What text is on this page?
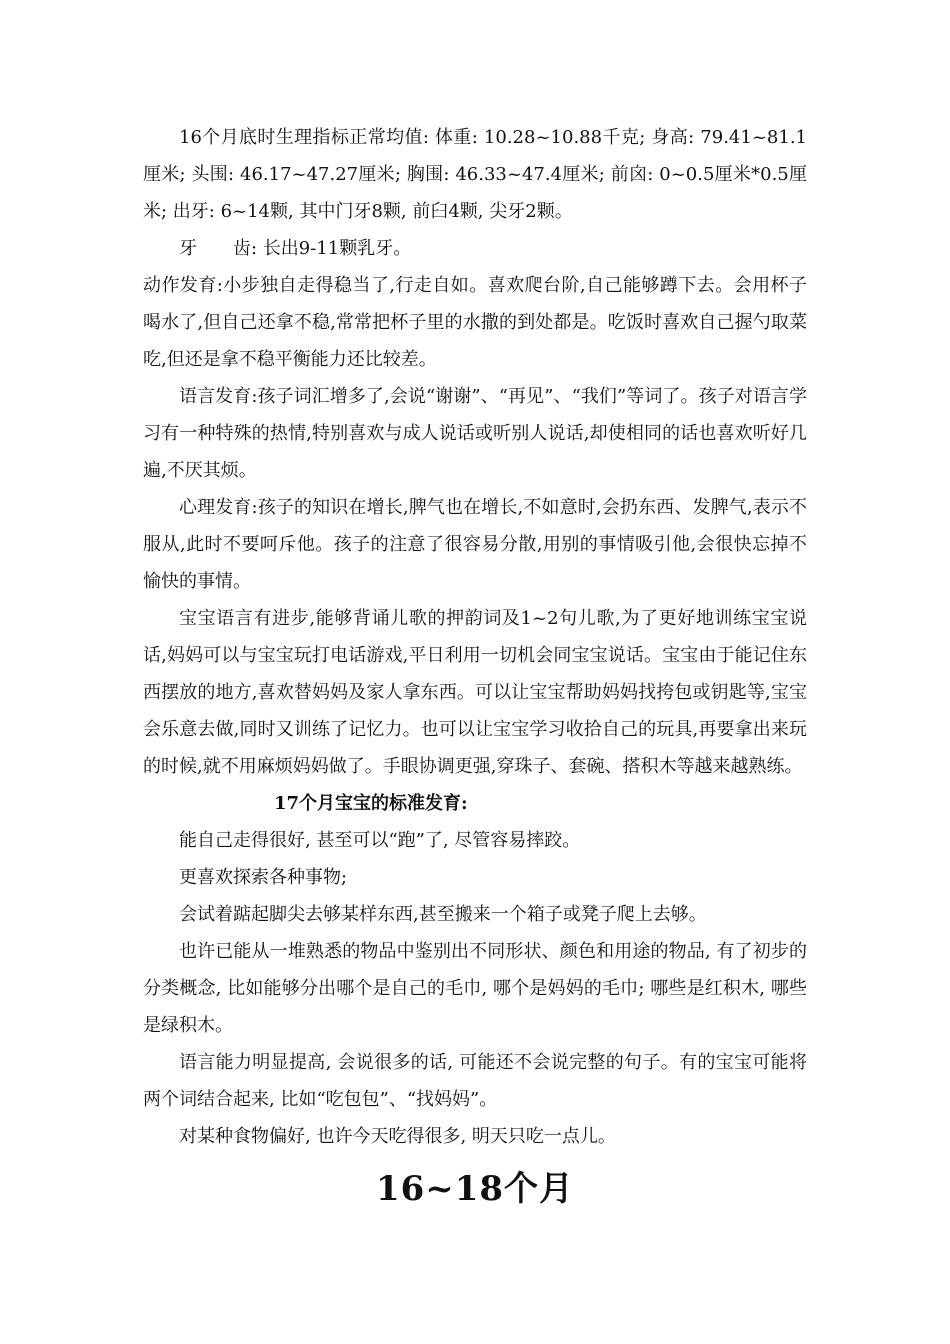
16个月底时生理指标正常均值: 体重: 10.28~10.88千克; 身高: 79.41~81.1厘米; 头围: 46.17~47.27厘米; 胸围: 46.33~47.4厘米; 前囟: 0~0.5厘米*0.5厘米; 出牙: 6~14颗, 其中门牙8颗, 前臼4颗, 尖牙2颗。

牙 齿: 长出9-11颗乳牙。

动作发育:小步独自走得稳当了,行走自如。喜欢爬台阶,自己能够蹲下去。会用杯子喝水了,但自己还拿不稳,常常把杯子里的水撒的到处都是。吃饭时喜欢自己握勺取菜吃,但还是拿不稳平衡能力还比较差。

语言发育:孩子词汇增多了,会说“谢谢”、“再见”、“我们”等词了。孩子对语言学习有一种特殊的热情,特别喜欢与成人说话或听别人说话,却使相同的话也喜欢听好几遍,不厌其烦。

心理发育:孩子的知识在增长,脾气也在增长,不如意时,会扔东西、发脾气,表示不服从,此时不要呵斥他。孩子的注意了很容易分散,用别的事情吸引他,会很快忘掉不愉快的事情。

宝宝语言有进步,能够背诵儿歌的押韵词及1~2句儿歌,为了更好地训练宝宝说话,妈妈可以与宝宝玩打电话游戏,平日利用一切机会同宝宝说话。宝宝由于能记住东西摆放的地方,喜欢替妈妈及家人拿东西。可以让宝宝帮助妈妈找挎包或钥匙等,宝宝会乐意去做,同时又训练了记忆力。也可以让宝宝学习收拾自己的玩具,再要拿出来玩的时候,就不用麻烦妈妈做了。手眼协调更强,穿珠子、套碗、搭积木等越来越熟练。

17个月宝宝的标准发育:

能自己走得很好, 甚至可以“跑”了, 尽管容易摔跤。

更喜欢探索各种事物;

会试着踮起脚尖去够某样东西,甚至搬来一个箱子或凳子爬上去够。

也许已能从一堆熟悉的物品中鉴别出不同形状、颜色和用途的物品, 有了初步的分类概念, 比如能够分出哪个是自己的毛巾, 哪个是妈妈的毛巾; 哪些是红积木, 哪些是绿积木。

语言能力明显提高, 会说很多的话, 可能还不会说完整的句子。有的宝宝可能将两个词结合起来, 比如“吃包包”、“找妈妈”。

对某种食物偏好, 也许今天吃得很多, 明天只吃一点儿。

16~18个月
